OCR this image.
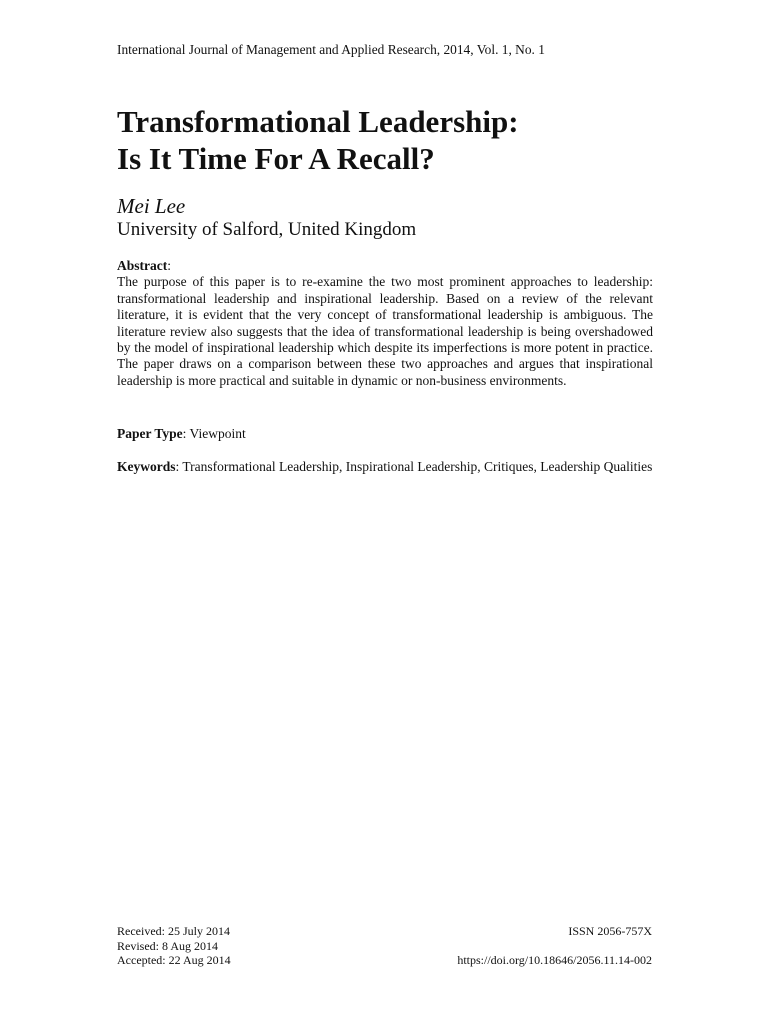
International Journal of Management and Applied Research, 2014, Vol. 1, No. 1
Transformational Leadership:
Is It Time For A Recall?
Mei Lee
University of Salford, United Kingdom

Abstract:

The purpose of this paper is to re-examine the two most prominent approaches to leadership: transformational leadership and inspirational leadership. Based on a review of the relevant literature, it is evident that the very concept of transformational leadership is ambiguous. The literature review also suggests that the idea of transformational leadership is being overshadowed by the model of inspirational leadership which despite its imperfections is more potent in practice. The paper draws on a comparison between these two approaches and argues that inspirational leadership is more practical and suitable in dynamic or non-business environments.

Paper Type: Viewpoint
Keywords: Transformational Leadership, Inspirational Leadership, Critiques, Leadership Qualities
Received: 25 July 2014
Revised: 8 Aug 2014
Accepted: 22 Aug 2014
ISSN 2056-757X
https://doi.org/10.18646/2056.11.14-002
